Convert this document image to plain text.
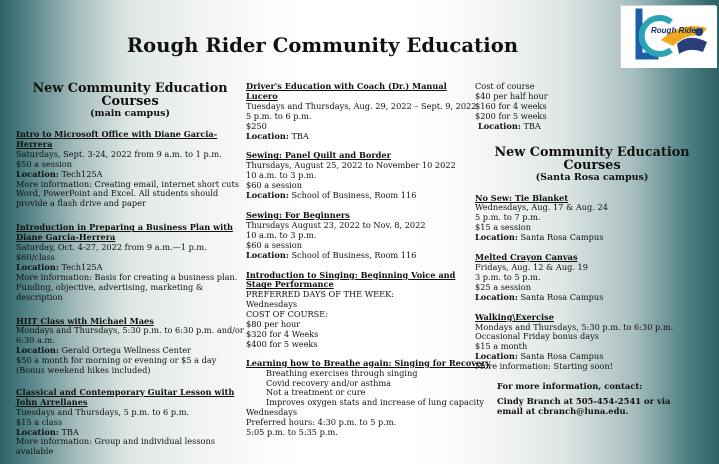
Rough Rider Community Education
Rough Riders
New Community Education Courses
(main campus)
Intro to Microsoft Office with Diane Garcia-Herrera
Saturdays, Sept. 3-24, 2022 from 9 a.m. to 1 p.m.
$50 a session
Location: Tech125A
More information: Creating email, internet short cuts Word, PowerPoint and Excel. All students should provide a flash drive and paper
Introduction in Preparing a Business Plan with Diane Garcia-Herrera
Saturday, Oct. 4-27, 2022 from 9 a.m.—1 p.m.
$60/class
Location: Tech125A
More information: Basis for creating a business plan. Funding, objective, advertising, marketing & description
HIIT Class with Michael Maes
Mondays and Thursdays, 5:30 p.m. to 6:30 p.m. and/or 6:30 a.m.
Location: Gerald Ortega Wellness Center
$50 a month for morning or evening or $5 a day (Bonus weekend hikes included)
Classical and Contemporary Guitar Lesson with John Arrellanes
Tuesdays and Thursdays, 5 p.m. to 6 p.m.
$15 a class
Location: TBA
More information: Group and individual lessons available
Driver's Education with Coach (Dr.) Manual Lucero
Tuesdays and Thursdays, Aug. 29, 2022 – Sept. 9, 2022
5 p.m. to 6 p.m.
$250
Location: TBA
Sewing: Panel Quilt and Border
Thursdays, August 25, 2022 to November 10 2022
10 a.m. to 3 p.m.
$60 a session
Location: School of Business, Room 116
Sewing: For Beginners
Thursdays August 23, 2022 to Nov. 8, 2022
10 a.m. to 3 p.m.
$60 a session
Location: School of Business, Room 116
Introduction to Singing: Beginning Voice and Stage Performance
PREFERRED DAYS OF THE WEEK:
Wednesdays
COST OF COURSE:
$80 per hour
$320 for 4 Weeks
$400 for 5 weeks
Learning how to Breathe again: Singing for Recovery
Breathing exercises through singing
Covid recovery and/or asthma
Not a treatment or cure
Improves oxygen stats and increase of lung capacity
Wednesdays
Preferred hours: 4:30 p.m. to 5 p.m.
5:05 p.m. to 5:35 p.m.
Cost of course
$40 per half hour
$160 for 4 weeks
$200 for 5 weeks
Location: TBA
New Community Education Courses
(Santa Rosa campus)
No Sew: Tie Blanket
Wednesdays, Aug. 17 & Aug. 24
5 p.m. to 7 p.m.
$15 a session
Location: Santa Rosa Campus
Melted Crayon Canvas
Fridays, Aug. 12 & Aug. 19
3 p.m. to 5 p.m.
$25 a session
Location: Santa Rosa Campus
Walking\Exercise
Mondays and Thursdays, 5:30 p.m. to 6:30 p.m.
Occasional Friday bonus days
$15 a month
Location: Santa Rosa Campus
More information: Starting soon!
For more information, contact:
Cindy Branch at 505-454-2541 or via email at cbranch@luna.edu.
